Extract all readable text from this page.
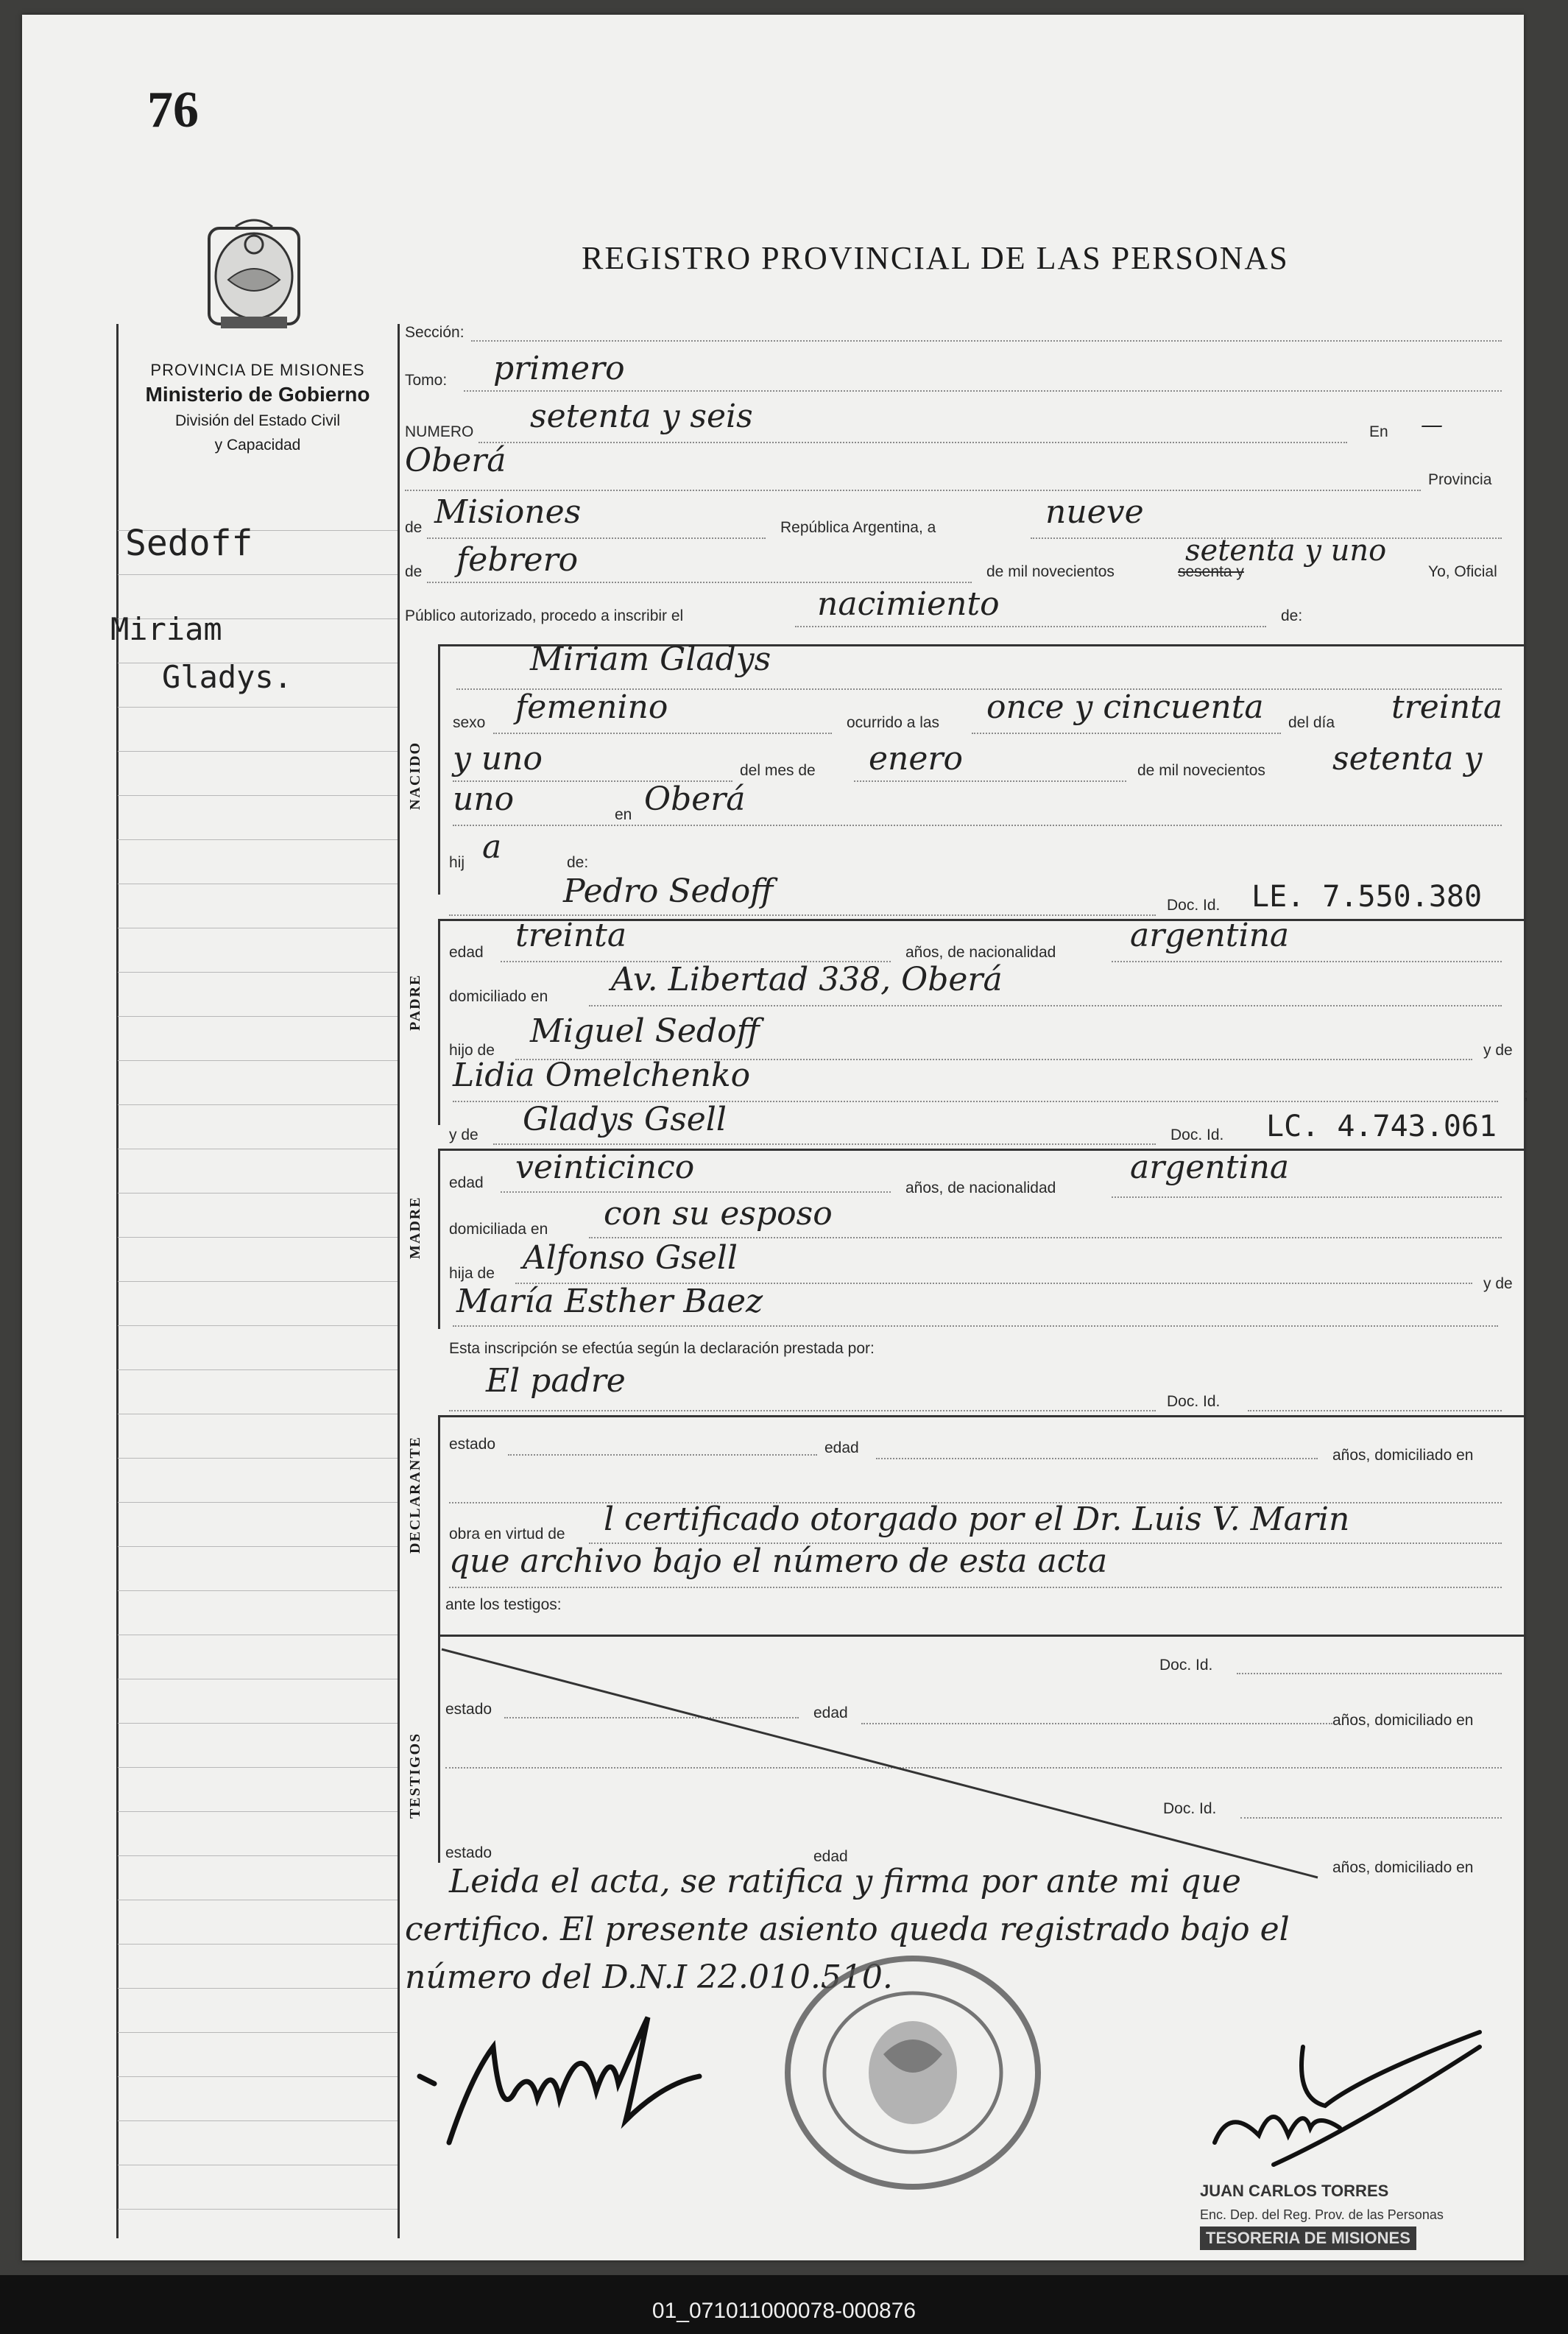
76
REGISTRO PROVINCIAL DE LAS PERSONAS
PROVINCIA DE MISIONES
Ministerio de Gobierno
División del Estado Civil
y Capacidad
Sedoff
Miriam
Gladys.
Sección:
Tomo: primero
NUMERO setenta y seis	En —
Oberá
Provincia
de Misiones	República Argentina, a	nueve
de febrero	de mil novecientos	sesenta y
setenta y uno
Yo, Oficial
Público autorizado, procedo a inscribir el	nacimiento	de:
NACIDO
Miriam Gladys
sexo femenino	ocurrido a las once y cincuenta del día treinta
y uno	del mes de enero	de mil novecientos setenta y
uno	en Oberá
hij a	de:
Pedro Sedoff	Doc. Id. LE. 7.550.380
PADRE
edad treinta	años, de nacionalidad argentina
domiciliado en Av. Libertad 338, Oberá
hijo de
Miguel Sedoff
y de
Lidia Omelchenko
;
y de Gladys Gsell	Doc. Id. LC. 4.743.061
MADRE
edad veinticinco
años, de nacionalidad
argentina
domiciliada en con su esposo
hija de Alfonso Gsell
y de
María Esther Baez
Esta inscripción se efectúa según la declaración prestada por:
El padre
Doc. Id.
DECLARANTE estado	edad	años, domiciliado en
obra en virtud de l certificado otorgado por el Dr. Luis V. Marin
que archivo bajo el número de esta acta
ante los testigos:
TESTIGOS
Doc. Id.
estado	edad	años, domiciliado en
Doc. Id.
estado	edad
años, domiciliado en
Leida el acta, se ratifica y firma por ante mi que
certifico. El presente asiento queda registrado bajo el
número del D.N.I 22.010.510.
JUAN CARLOS TORRES
Enc. Dep. del Reg. Prov. de las Personas
TESORERIA DE MISIONES
01_071011000078-000876
